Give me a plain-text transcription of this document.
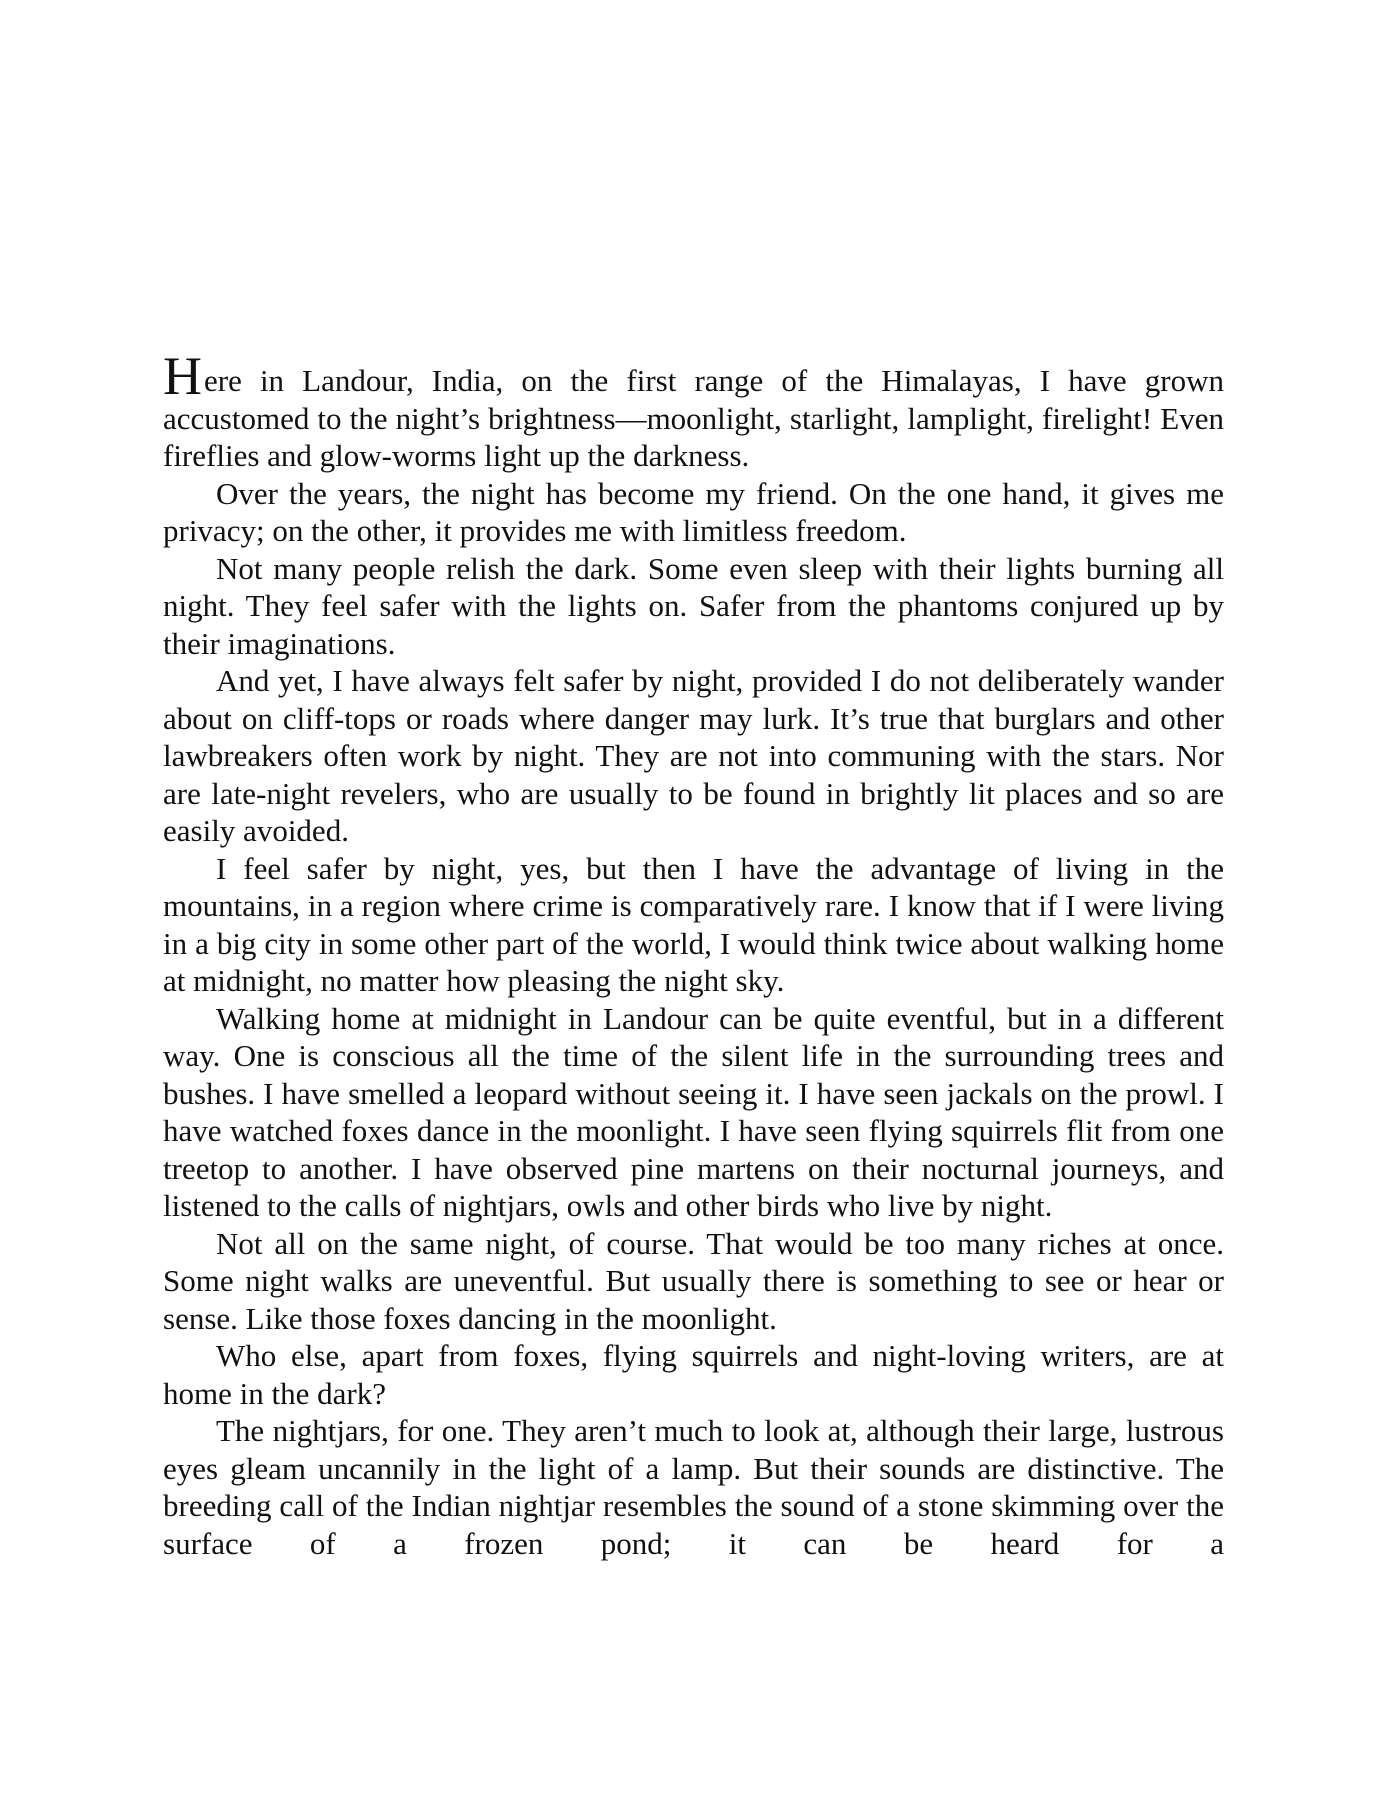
Here in Landour, India, on the first range of the Himalayas, I have grown accustomed to the night’s brightness—moonlight, starlight, lamplight, firelight! Even fireflies and glow-worms light up the darkness.

Over the years, the night has become my friend. On the one hand, it gives me privacy; on the other, it provides me with limitless freedom.

Not many people relish the dark. Some even sleep with their lights burning all night. They feel safer with the lights on. Safer from the phantoms conjured up by their imaginations.

And yet, I have always felt safer by night, provided I do not deliberately wander about on cliff-tops or roads where danger may lurk. It’s true that burglars and other lawbreakers often work by night. They are not into communing with the stars. Nor are late-night revelers, who are usually to be found in brightly lit places and so are easily avoided.

I feel safer by night, yes, but then I have the advantage of living in the mountains, in a region where crime is comparatively rare. I know that if I were living in a big city in some other part of the world, I would think twice about walking home at midnight, no matter how pleasing the night sky.

Walking home at midnight in Landour can be quite eventful, but in a different way. One is conscious all the time of the silent life in the surrounding trees and bushes. I have smelled a leopard without seeing it. I have seen jackals on the prowl. I have watched foxes dance in the moonlight. I have seen flying squirrels flit from one treetop to another. I have observed pine martens on their nocturnal journeys, and listened to the calls of nightjars, owls and other birds who live by night.

Not all on the same night, of course. That would be too many riches at once. Some night walks are uneventful. But usually there is something to see or hear or sense. Like those foxes dancing in the moonlight.

Who else, apart from foxes, flying squirrels and night-loving writers, are at home in the dark?

The nightjars, for one. They aren’t much to look at, although their large, lustrous eyes gleam uncannily in the light of a lamp. But their sounds are distinctive. The breeding call of the Indian nightjar resembles the sound of a stone skimming over the surface of a frozen pond; it can be heard for a
